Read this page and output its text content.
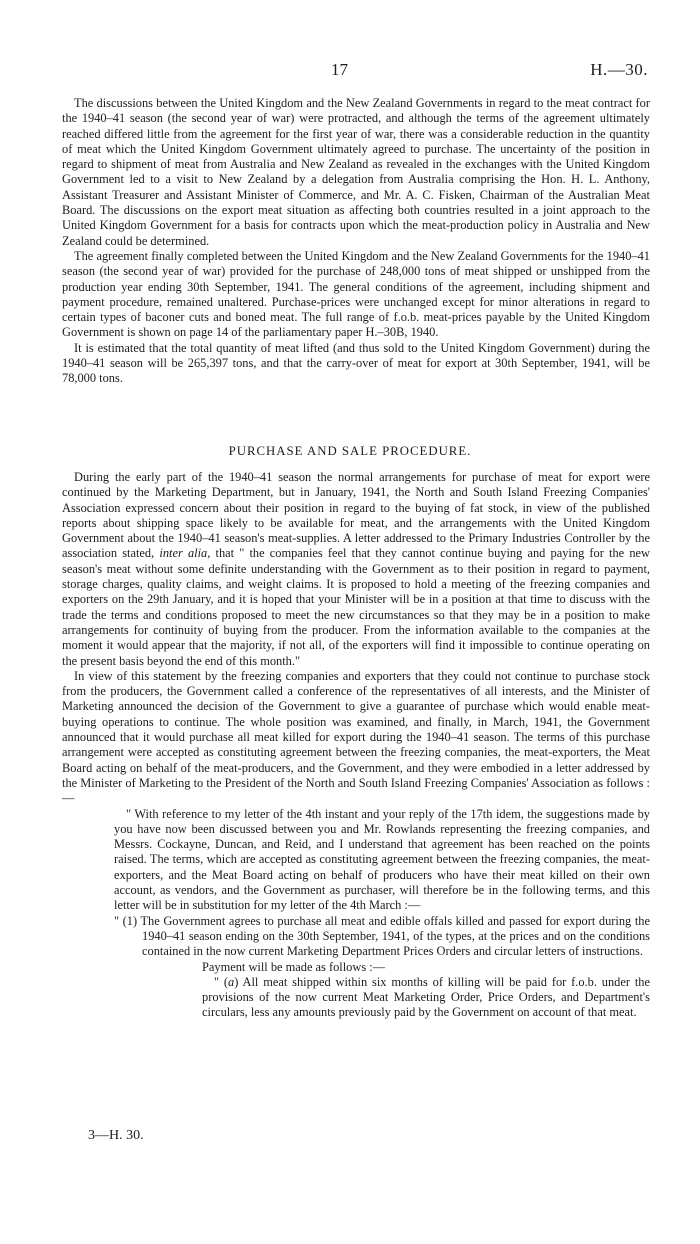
17	H.—30.

The discussions between the United Kingdom and the New Zealand Governments in regard to the meat contract for the 1940–41 season (the second year of war) were protracted, and although the terms of the agreement ultimately reached differed little from the agreement for the first year of war, there was a considerable reduction in the quantity of meat which the United Kingdom Government ultimately agreed to purchase. The uncertainty of the position in regard to shipment of meat from Australia and New Zealand as revealed in the exchanges with the United Kingdom Government led to a visit to New Zealand by a delegation from Australia comprising the Hon. H. L. Anthony, Assistant Treasurer and Assistant Minister of Commerce, and Mr. A. C. Fisken, Chairman of the Australian Meat Board. The discussions on the export meat situation as affecting both countries resulted in a joint approach to the United Kingdom Government for a basis for contracts upon which the meat-production policy in Australia and New Zealand could be determined.

The agreement finally completed between the United Kingdom and the New Zealand Governments for the 1940–41 season (the second year of war) provided for the purchase of 248,000 tons of meat shipped or unshipped from the production year ending 30th September, 1941. The general conditions of the agreement, including shipment and payment procedure, remained unaltered. Purchase-prices were unchanged except for minor alterations in regard to certain types of baconer cuts and boned meat. The full range of f.o.b. meat-prices payable by the United Kingdom Government is shown on page 14 of the parliamentary paper H.–30B, 1940.

It is estimated that the total quantity of meat lifted (and thus sold to the United Kingdom Government) during the 1940–41 season will be 265,397 tons, and that the carry-over of meat for export at 30th September, 1941, will be 78,000 tons.

PURCHASE AND SALE PROCEDURE.

During the early part of the 1940–41 season the normal arrangements for purchase of meat for export were continued by the Marketing Department, but in January, 1941, the North and South Island Freezing Companies' Association expressed concern about their position in regard to the buying of fat stock, in view of the published reports about shipping space likely to be available for meat, and the arrangements with the United Kingdom Government about the 1940–41 season's meat-supplies. A letter addressed to the Primary Industries Controller by the association stated, inter alia, that " the companies feel that they cannot continue buying and paying for the new season's meat without some definite understanding with the Government as to their position in regard to payment, storage charges, quality claims, and weight claims. It is proposed to hold a meeting of the freezing companies and exporters on the 29th January, and it is hoped that your Minister will be in a position at that time to discuss with the trade the terms and conditions proposed to meet the new circumstances so that they may be in a position to make arrangements for continuity of buying from the producer. From the information available to the companies at the moment it would appear that the majority, if not all, of the exporters will find it impossible to continue operating on the present basis beyond the end of this month."

In view of this statement by the freezing companies and exporters that they could not continue to purchase stock from the producers, the Government called a conference of the representatives of all interests, and the Minister of Marketing announced the decision of the Government to give a guarantee of purchase which would enable meat-buying operations to continue. The whole position was examined, and finally, in March, 1941, the Government announced that it would purchase all meat killed for export during the 1940–41 season. The terms of this purchase arrangement were accepted as constituting agreement between the freezing companies, the meat-exporters, the Meat Board acting on behalf of the meat-producers, and the Government, and they were embodied in a letter addressed by the Minister of Marketing to the President of the North and South Island Freezing Companies' Association as follows :—

" With reference to my letter of the 4th instant and your reply of the 17th idem, the suggestions made by you have now been discussed between you and Mr. Rowlands representing the freezing companies, and Messrs. Cockayne, Duncan, and Reid, and I understand that agreement has been reached on the points raised. The terms, which are accepted as constituting agreement between the freezing companies, the meat-exporters, and the Meat Board acting on behalf of producers who have their meat killed on their own account, as vendors, and the Government as purchaser, will therefore be in the following terms, and this letter will be in substitution for my letter of the 4th March :—

" (1) The Government agrees to purchase all meat and edible offals killed and passed for export during the 1940–41 season ending on the 30th September, 1941, of the types, at the prices and on the conditions contained in the now current Marketing Department Prices Orders and circular letters of instructions.

Payment will be made as follows :—

" (a) All meat shipped within six months of killing will be paid for f.o.b. under the provisions of the now current Meat Marketing Order, Price Orders, and Department's circulars, less any amounts previously paid by the Government on account of that meat.

3—H. 30.
